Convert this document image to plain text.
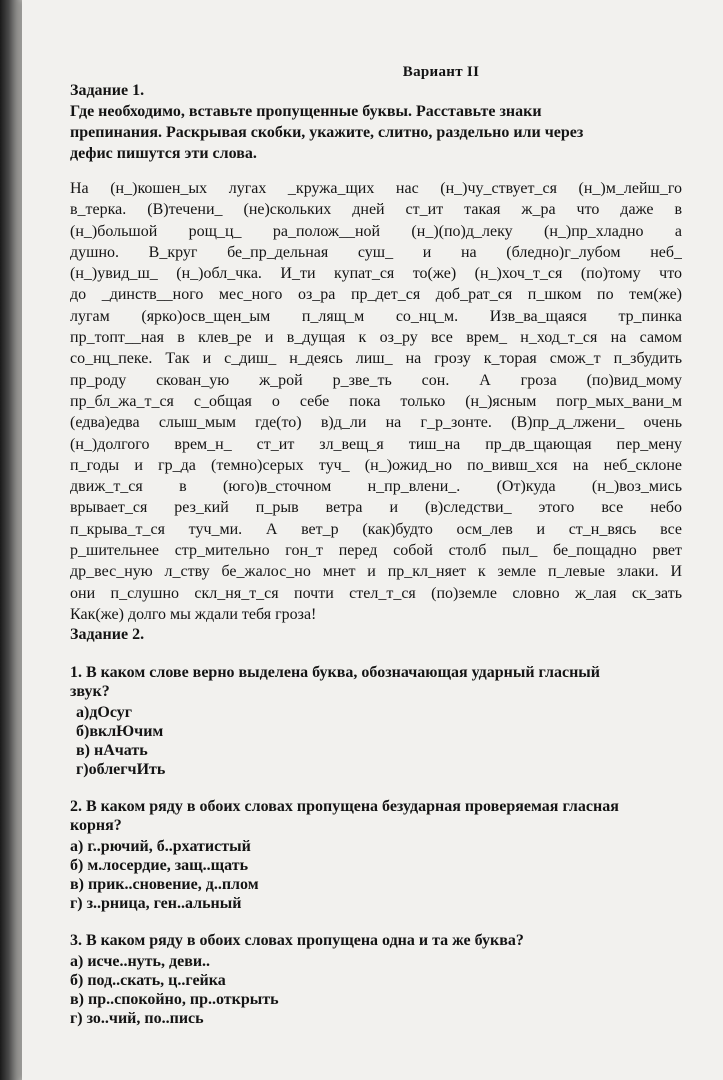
Вариант II
Задание 1.
Где необходимо, вставьте пропущенные буквы. Расставьте знаки
препинания. Раскрывая скобки, укажите, слитно, раздельно или через
дефис пишутся эти слова.
На (н_)кошен_ых лугах _кружа_щих нас (н_)чу_ствует_ся (н_)м_лейш_го
в_терка. (В)течени_ (не)скольких дней ст_ит такая ж_ра что даже в
(н_)большой рощ_ц_ ра_полож__ной (н_)(по)д_леку (н_)пр_хладно а
душно. В_круг бе_пр_дельная суш_ и на (бледно)г_лубом неб_
(н_)увид_ш_ (н_)обл_чка. И_ти купат_ся то(же) (н_)хоч_т_ся (по)тому что
до _динств__ного мес_ного оз_ра пр_дет_ся доб_рат_ся п_шком по тем(же)
лугам (ярко)осв_щен_ым п_лящ_м со_нц_м. Изв_ва_щаяся тр_пинка
пр_топт__ная в клев_ре и в_дущая к оз_ру все врем_ н_ход_т_ся на самом
со_нц_пеке. Так и с_диш_ н_деясь лиш_ на грозу к_торая смож_т п_збудить
пр_роду скован_ую ж_рой р_зве_ть сон. А гроза (по)вид_мому
пр_бл_жа_т_ся с_общая о себе пока только (н_)ясным погр_мых_вани_м
(едва)едва слыш_мым где(то) в)д_ли на г_р_зонте. (В)пр_д_лжени_ очень
(н_)долгого врем_н_ ст_ит зл_вещ_я тиш_на пр_дв_щающая пер_мену
п_годы и гр_да (темно)серых туч_ (н_)ожид_но по_вивш_хся на неб_склоне
движ_т_ся в (юго)в_сточном н_пр_влени_. (От)куда (н_)воз_мись
врывает_ся рез_кий п_рыв ветра и (в)следстви_ этого все небо
п_крыва_т_ся туч_ми. А вет_р (как)будто осм_лев и ст_н_вясь все
р_шительнее стр_мительно гон_т перед собой столб пыл_ бе_пощадно рвет
др_вес_ную л_ству бе_жалос_но мнет и пр_кл_няет к земле п_левые злаки. И
они п_слушно скл_ня_т_ся почти стел_т_ся (по)земле словно ж_лая ск_зать
Как(же) долго мы ждали тебя гроза!
Задание 2.
1. В каком слове верно выделена буква, обозначающая ударный гласный
звук?
а)дОсуг
б)вклЮчим
в) нАчать
г)облегчИть
2. В каком ряду в обоих словах пропущена безударная проверяемая гласная
корня?
а) г..рючий, б..рхатистый
б) м.лосердие, защ..щать
в) прик..сновение, д..плом
г) з..рница, ген..альный
3. В каком ряду в обоих словах пропущена одна и та же буква?
а) исче..нуть, деви..
б) под..скать, ц..гейка
в) пр..спокойно, пр..открыть
г) зо..чий, по..пись
